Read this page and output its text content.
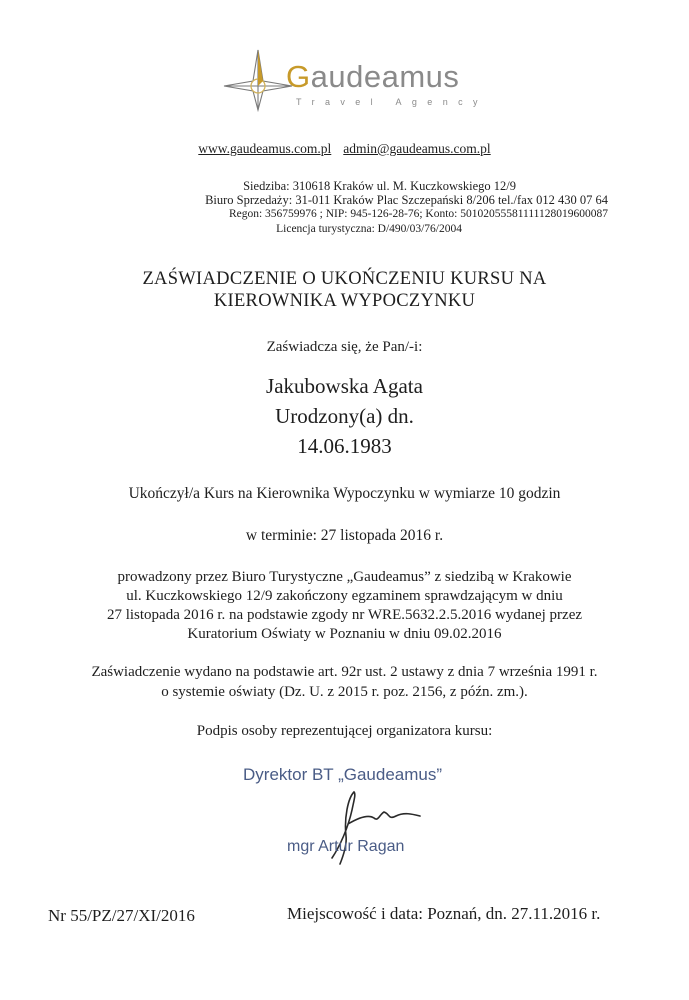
Gaudeamus
Travel Agency
www.gaudeamus.com.pl admin@gaudeamus.com.pl
Siedziba: 310618 Kraków ul. M. Kuczkowskiego 12/9
Biuro Sprzedaży: 31-011 Kraków Plac Szczepański 8/206 tel./fax 012 430 07 64
Regon: 356759976 ; NIP: 945-126-28-76; Konto: 50102055581111128019600087
Licencja turystyczna: D/490/03/76/2004
ZAŚWIADCZENIE O UKOŃCZENIU KURSU NA
KIEROWNIKA WYPOCZYNKU
Zaświadcza się, że Pan/-i:
Jakubowska Agata
Urodzony(a) dn.
14.06.1983
Ukończył/a Kurs na Kierownika Wypoczynku w wymiarze 10 godzin
w terminie: 27 listopada 2016 r.
prowadzony przez Biuro Turystyczne „Gaudeamus” z siedzibą w Krakowie
ul. Kuczkowskiego 12/9 zakończony egzaminem sprawdzającym w dniu
27 listopada 2016 r. na podstawie zgody nr WRE.5632.2.5.2016 wydanej przez
Kuratorium Oświaty w Poznaniu w dniu 09.02.2016
Zaświadczenie wydano na podstawie art. 92r ust. 2 ustawy z dnia 7 września 1991 r.
o systemie oświaty (Dz. U. z 2015 r. poz. 2156, z późn. zm.).
Podpis osoby reprezentującej organizatora kursu:
Dyrektor BT „Gaudeamus”
mgr Artur Ragan
Nr 55/PZ/27/XI/2016	Miejscowość i data: Poznań, dn. 27.11.2016 r.
